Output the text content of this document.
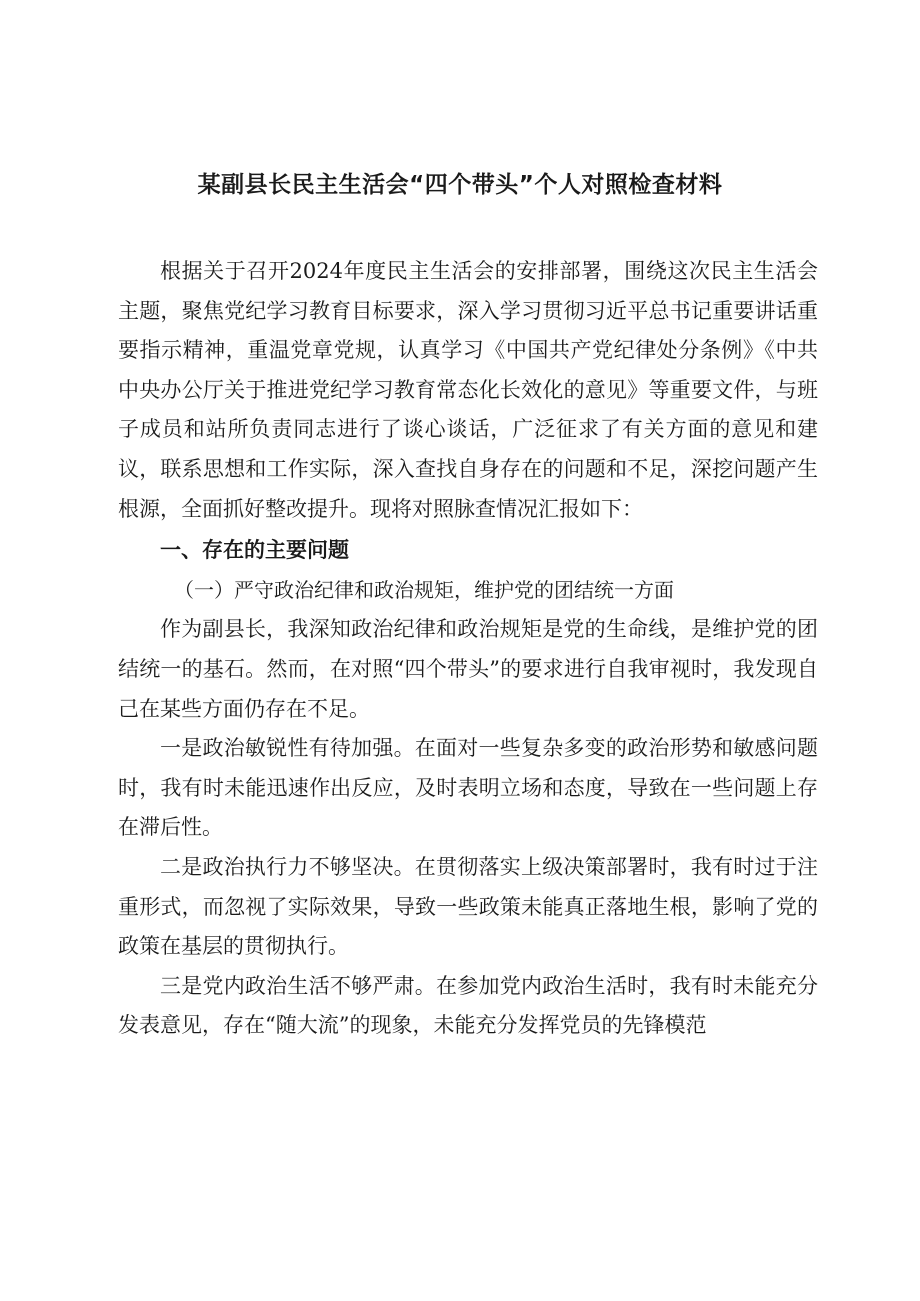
某副县长民主生活会“四个带头”个人对照检查材料

根据关于召开2024年度民主生活会的安排部署，围绕这次民主生活会主题，聚焦党纪学习教育目标要求，深入学习贯彻习近平总书记重要讲话重要指示精神，重温党章党规，认真学习《中国共产党纪律处分条例》《中共中央办公厅关于推进党纪学习教育常态化长效化的意见》等重要文件，与班子成员和站所负责同志进行了谈心谈话，广泛征求了有关方面的意见和建议，联系思想和工作实际，深入查找自身存在的问题和不足，深挖问题产生根源，全面抓好整改提升。现将对照脉查情况汇报如下：

一、存在的主要问题
（一）严守政治纪律和政治规矩，维护党的团结统一方面

作为副县长，我深知政治纪律和政治规矩是党的生命线，是维护党的团结统一的基石。然而，在对照“四个带头”的要求进行自我审视时，我发现自己在某些方面仍存在不足。

一是政治敏锐性有待加强。在面对一些复杂多变的政治形势和敏感问题时，我有时未能迅速作出反应，及时表明立场和态度，导致在一些问题上存在滞后性。

二是政治执行力不够坚决。在贯彻落实上级决策部署时，我有时过于注重形式，而忽视了实际效果，导致一些政策未能真正落地生根，影响了党的政策在基层的贯彻执行。

三是党内政治生活不够严肃。在参加党内政治生活时，我有时未能充分发表意见，存在“随大流”的现象，未能充分发挥党员的先锋模范
